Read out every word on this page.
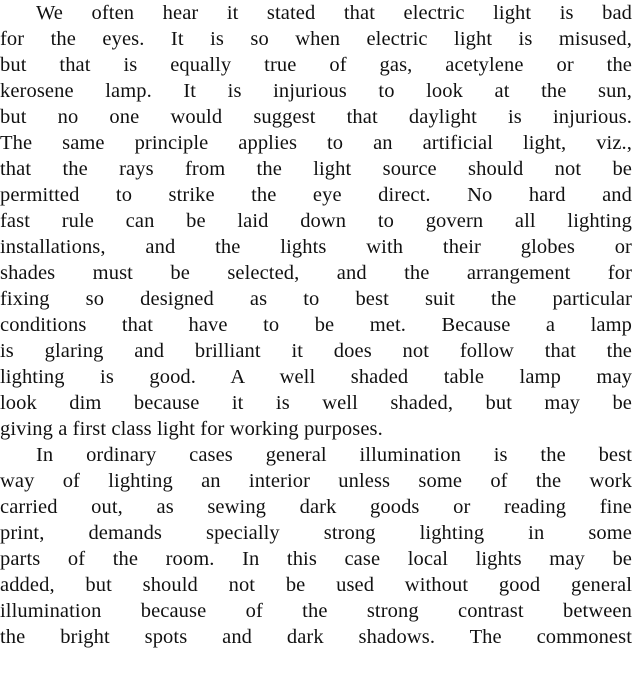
We often hear it stated that electric light is bad
for the eyes. It is so when electric light is misused,
but that is equally true of gas, acetylene or the
kerosene lamp. It is injurious to look at the sun,
but no one would suggest that daylight is injurious.
The same principle applies to an artificial light, viz.,
that the rays from the light source should not be
permitted to strike the eye direct. No hard and
fast rule can be laid down to govern all lighting
installations, and the lights with their globes or
shades must be selected, and the arrangement for
fixing so designed as to best suit the particular
conditions that have to be met. Because a lamp
is glaring and brilliant it does not follow that the
lighting is good. A well shaded table lamp may
look dim because it is well shaded, but may be
giving a first class light for working purposes.
In ordinary cases general illumination is the best
way of lighting an interior unless some of the work
carried out, as sewing dark goods or reading fine
print, demands specially strong lighting in some
parts of the room. In this case local lights may be
added, but should not be used without good general
illumination because of the strong contrast between
the bright spots and dark shadows. The commonest
